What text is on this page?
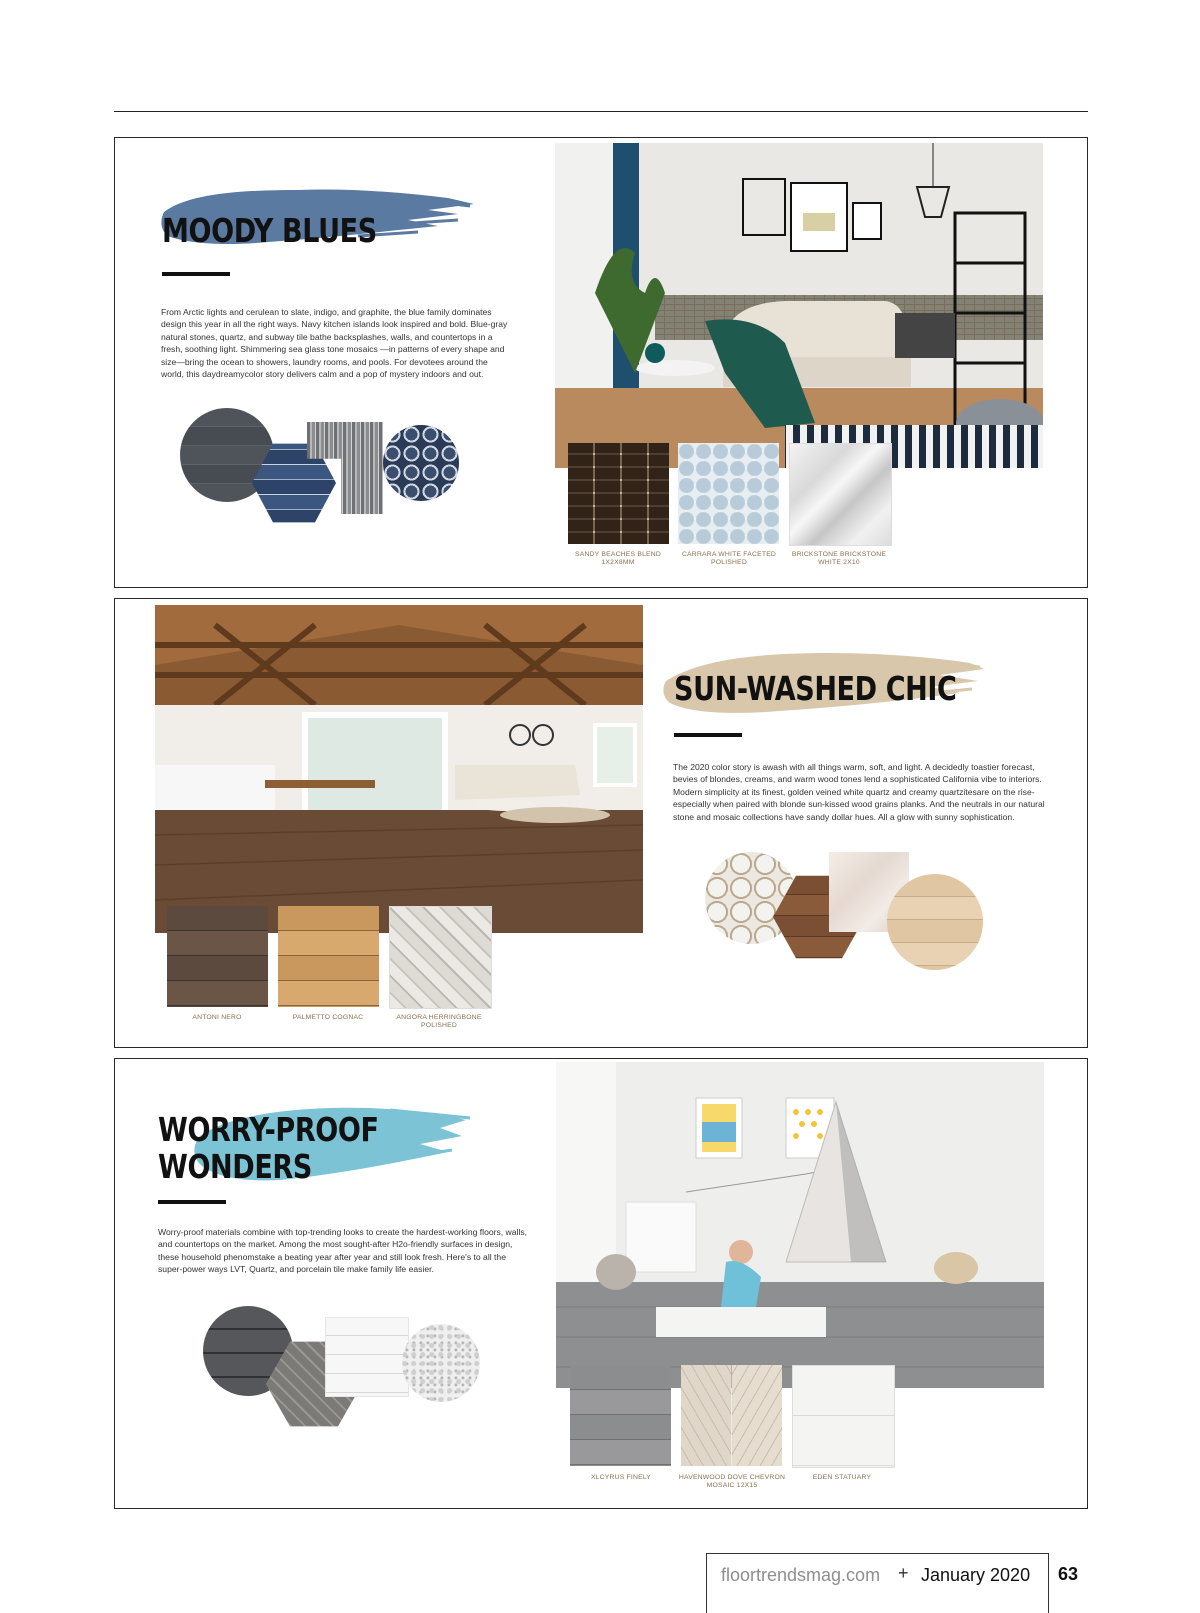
MOODY BLUES
From Arctic lights and cerulean to slate, indigo, and graphite, the blue family dominates design this year in all the right ways. Navy kitchen islands look inspired and bold. Blue-gray natural stones, quartz, and subway tile bathe backsplashes, walls, and countertops in a fresh, soothing light. Shimmering sea glass tone mosaics —in patterns of every shape and size—bring the ocean to showers, laundry rooms, and pools. For devotees around the world, this daydreamycolor story delivers calm and a pop of mystery indoors and out.
SANDY BEACHES BLEND 1X2X8MM
CARRARA WHITE FACETED POLISHED
BRICKSTONE BRICKSTONE WHITE 2X10
ANTONI NERO	PALMETTO COGNAC	ANGORA HERRINGBONE POLISHED
SUN-WASHED CHIC
The 2020 color story is awash with all things warm, soft, and light. A decidedly toastier forecast, bevies of blondes, creams, and warm wood tones lend a sophisticated California vibe to interiors. Modern simplicity at its finest, golden veined white quartz and creamy quartzitesare on the rise-especially when paired with blonde sun-kissed wood grains planks. And the neutrals in our natural stone and mosaic collections have sandy dollar hues. All a glow with sunny sophistication.
WORRY-PROOF
WONDERS
Worry-proof materials combine with top-trending looks to create the hardest-working floors, walls, and countertops on the market. Among the most sought-after H2o-friendly surfaces in design, these household phenomstake a beating year after year and still look fresh. Here's to all the super-power ways LVT, Quartz, and porcelain tile make family life easier.
XLCYRUS FINELY	HAVENWOOD DOVE CHEVRON MOSAIC 12X15
EDEN STATUARY
floortrendsmag.com + January 2020 63
